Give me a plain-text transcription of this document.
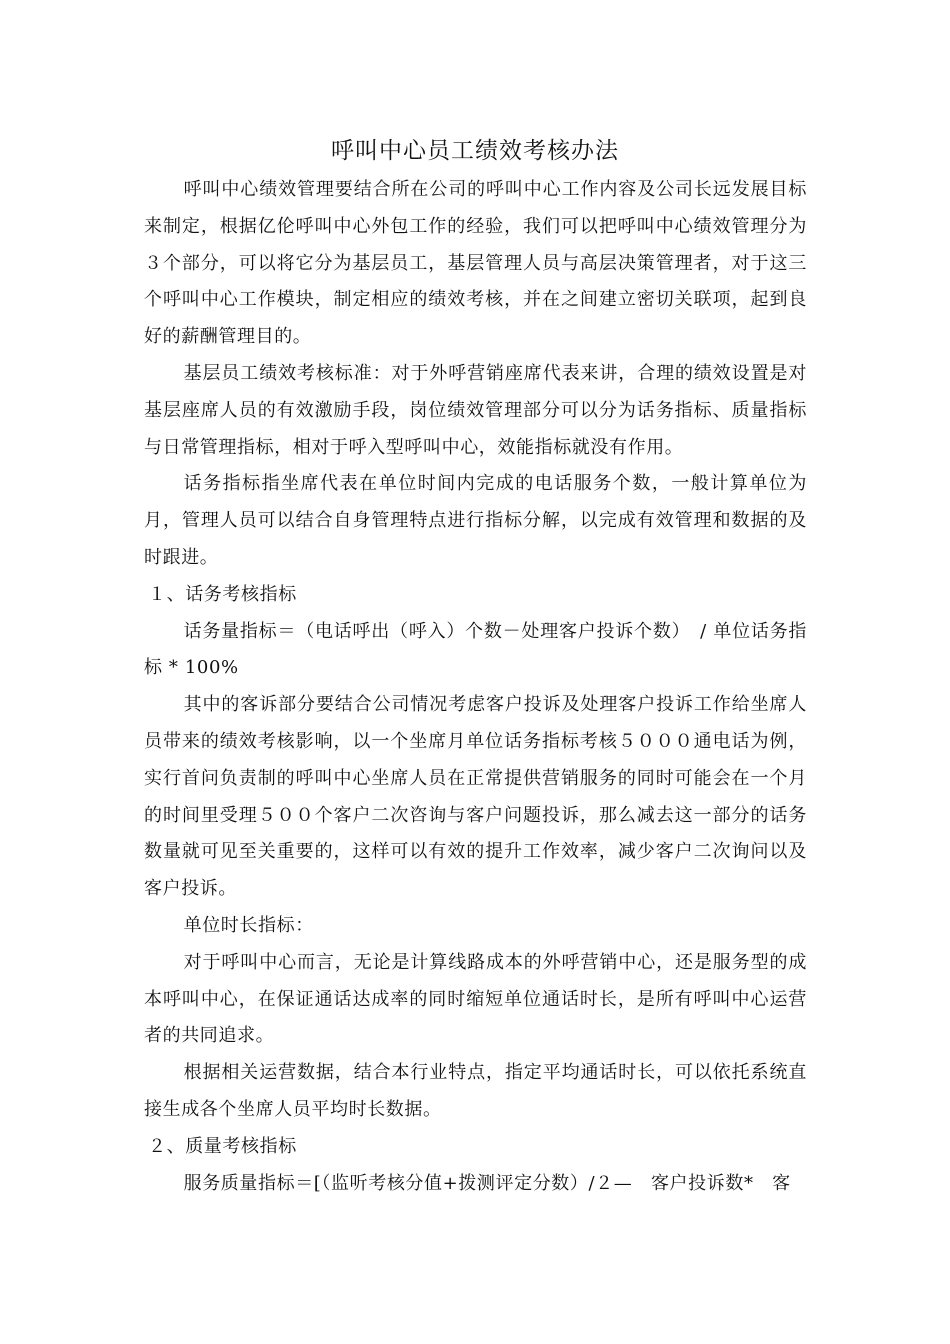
呼叫中心员工绩效考核办法

呼叫中心绩效管理要结合所在公司的呼叫中心工作内容及公司长远发展目标来制定，根据亿伦呼叫中心外包工作的经验，我们可以把呼叫中心绩效管理分为３个部分，可以将它分为基层员工，基层管理人员与高层决策管理者，对于这三个呼叫中心工作模块，制定相应的绩效考核，并在之间建立密切关联项，起到良好的薪酬管理目的。

基层员工绩效考核标准：对于外呼营销座席代表来讲，合理的绩效设置是对基层座席人员的有效激励手段，岗位绩效管理部分可以分为话务指标、质量指标与日常管理指标，相对于呼入型呼叫中心，效能指标就没有作用。

话务指标指坐席代表在单位时间内完成的电话服务个数，一般计算单位为月，管理人员可以结合自身管理特点进行指标分解，以完成有效管理和数据的及时跟进。

１、话务考核指标

话务量指标＝（电话呼出（呼入）个数－处理客户投诉个数）　/ 单位话务指标 * 100%

其中的客诉部分要结合公司情况考虑客户投诉及处理客户投诉工作给坐席人员带来的绩效考核影响，以一个坐席月单位话务指标考核５０００通电话为例，实行首问负责制的呼叫中心坐席人员在正常提供营销服务的同时可能会在一个月的时间里受理５００个客户二次咨询与客户问题投诉，那么减去这一部分的话务数量就可见至关重要的，这样可以有效的提升工作效率，减少客户二次询问以及客户投诉。

单位时长指标：

对于呼叫中心而言，无论是计算线路成本的外呼营销中心，还是服务型的成本呼叫中心，在保证通话达成率的同时缩短单位通话时长，是所有呼叫中心运营者的共同追求。

根据相关运营数据，结合本行业特点，指定平均通话时长，可以依托系统直接生成各个坐席人员平均时长数据。

２、质量考核指标

服务质量指标＝[（监听考核分值+拨测评定分数）/２—　客户投诉数*　客
